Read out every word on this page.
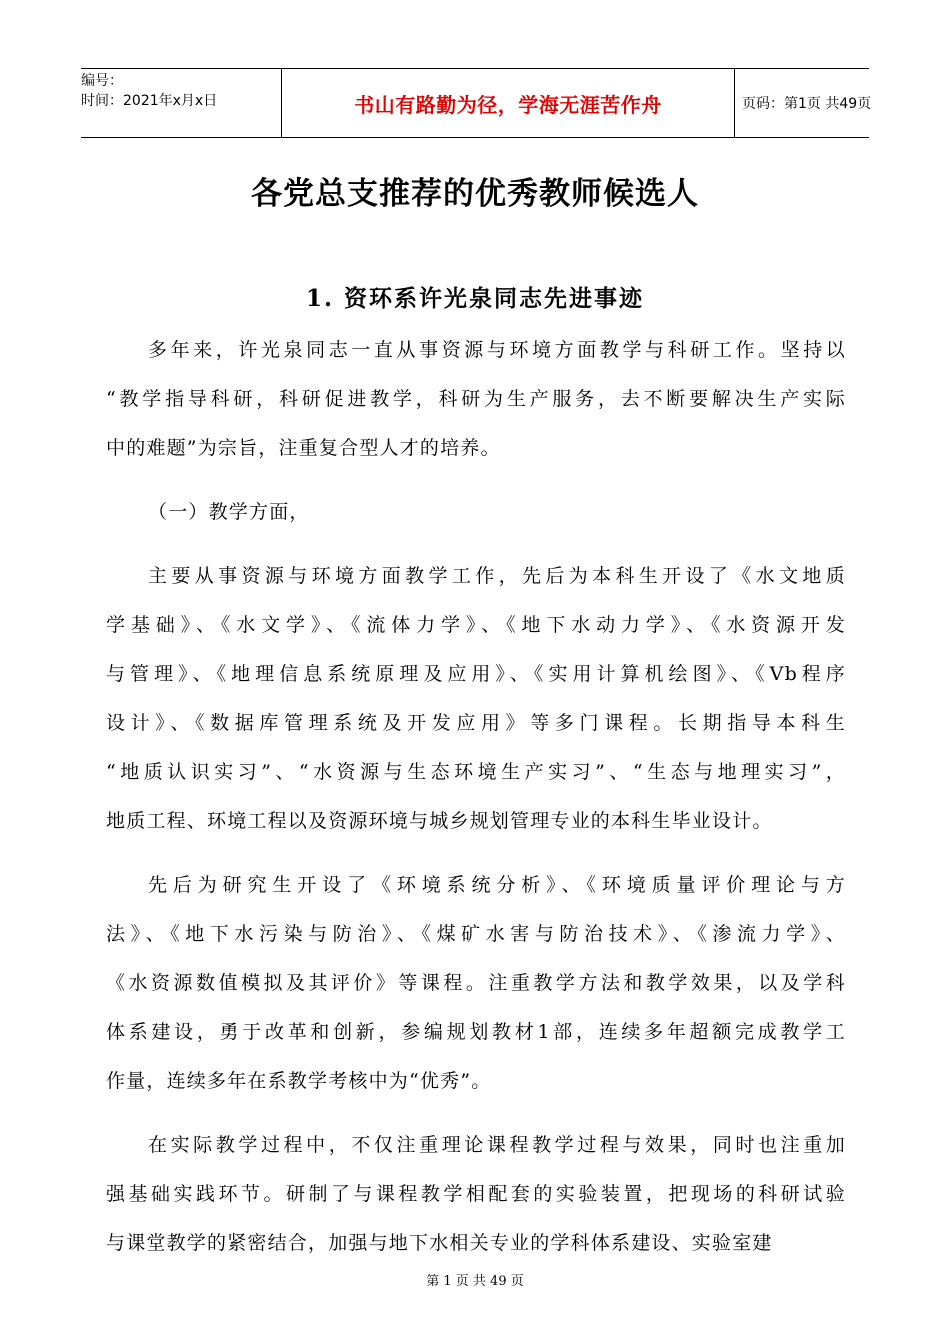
编号：
时间：2021年x月x日	书山有路勤为径，学海无涯苦作舟	页码：第1页 共49页
各党总支推荐的优秀教师候选人
1. 资环系许光泉同志先进事迹
多年来，许光泉同志一直从事资源与环境方面教学与科研工作。坚持以
“教学指导科研，科研促进教学，科研为生产服务，去不断要解决生产实际
中的难题”为宗旨，注重复合型人才的培养。
（一）教学方面，
主要从事资源与环境方面教学工作，先后为本科生开设了《水文地质
学基础》、《水文学》、《流体力学》、《地下水动力学》、《水资源开发
与管理》、《地理信息系统原理及应用》、《实用计算机绘图》、《Vb程序
设计》、《数据库管理系统及开发应用》等多门课程。长期指导本科生
“地质认识实习”、“水资源与生态环境生产实习”、“生态与地理实习”，
地质工程、环境工程以及资源环境与城乡规划管理专业的本科生毕业设计。
先后为研究生开设了《环境系统分析》、《环境质量评价理论与方
法》、《地下水污染与防治》、《煤矿水害与防治技术》、《渗流力学》、
《水资源数值模拟及其评价》等课程。注重教学方法和教学效果，以及学科
体系建设，勇于改革和创新，参编规划教材1部，连续多年超额完成教学工
作量，连续多年在系教学考核中为“优秀”。
在实际教学过程中，不仅注重理论课程教学过程与效果，同时也注重加
强基础实践环节。研制了与课程教学相配套的实验装置，把现场的科研试验
与课堂教学的紧密结合，加强与地下水相关专业的学科体系建设、实验室建
第 1 页 共 49 页
